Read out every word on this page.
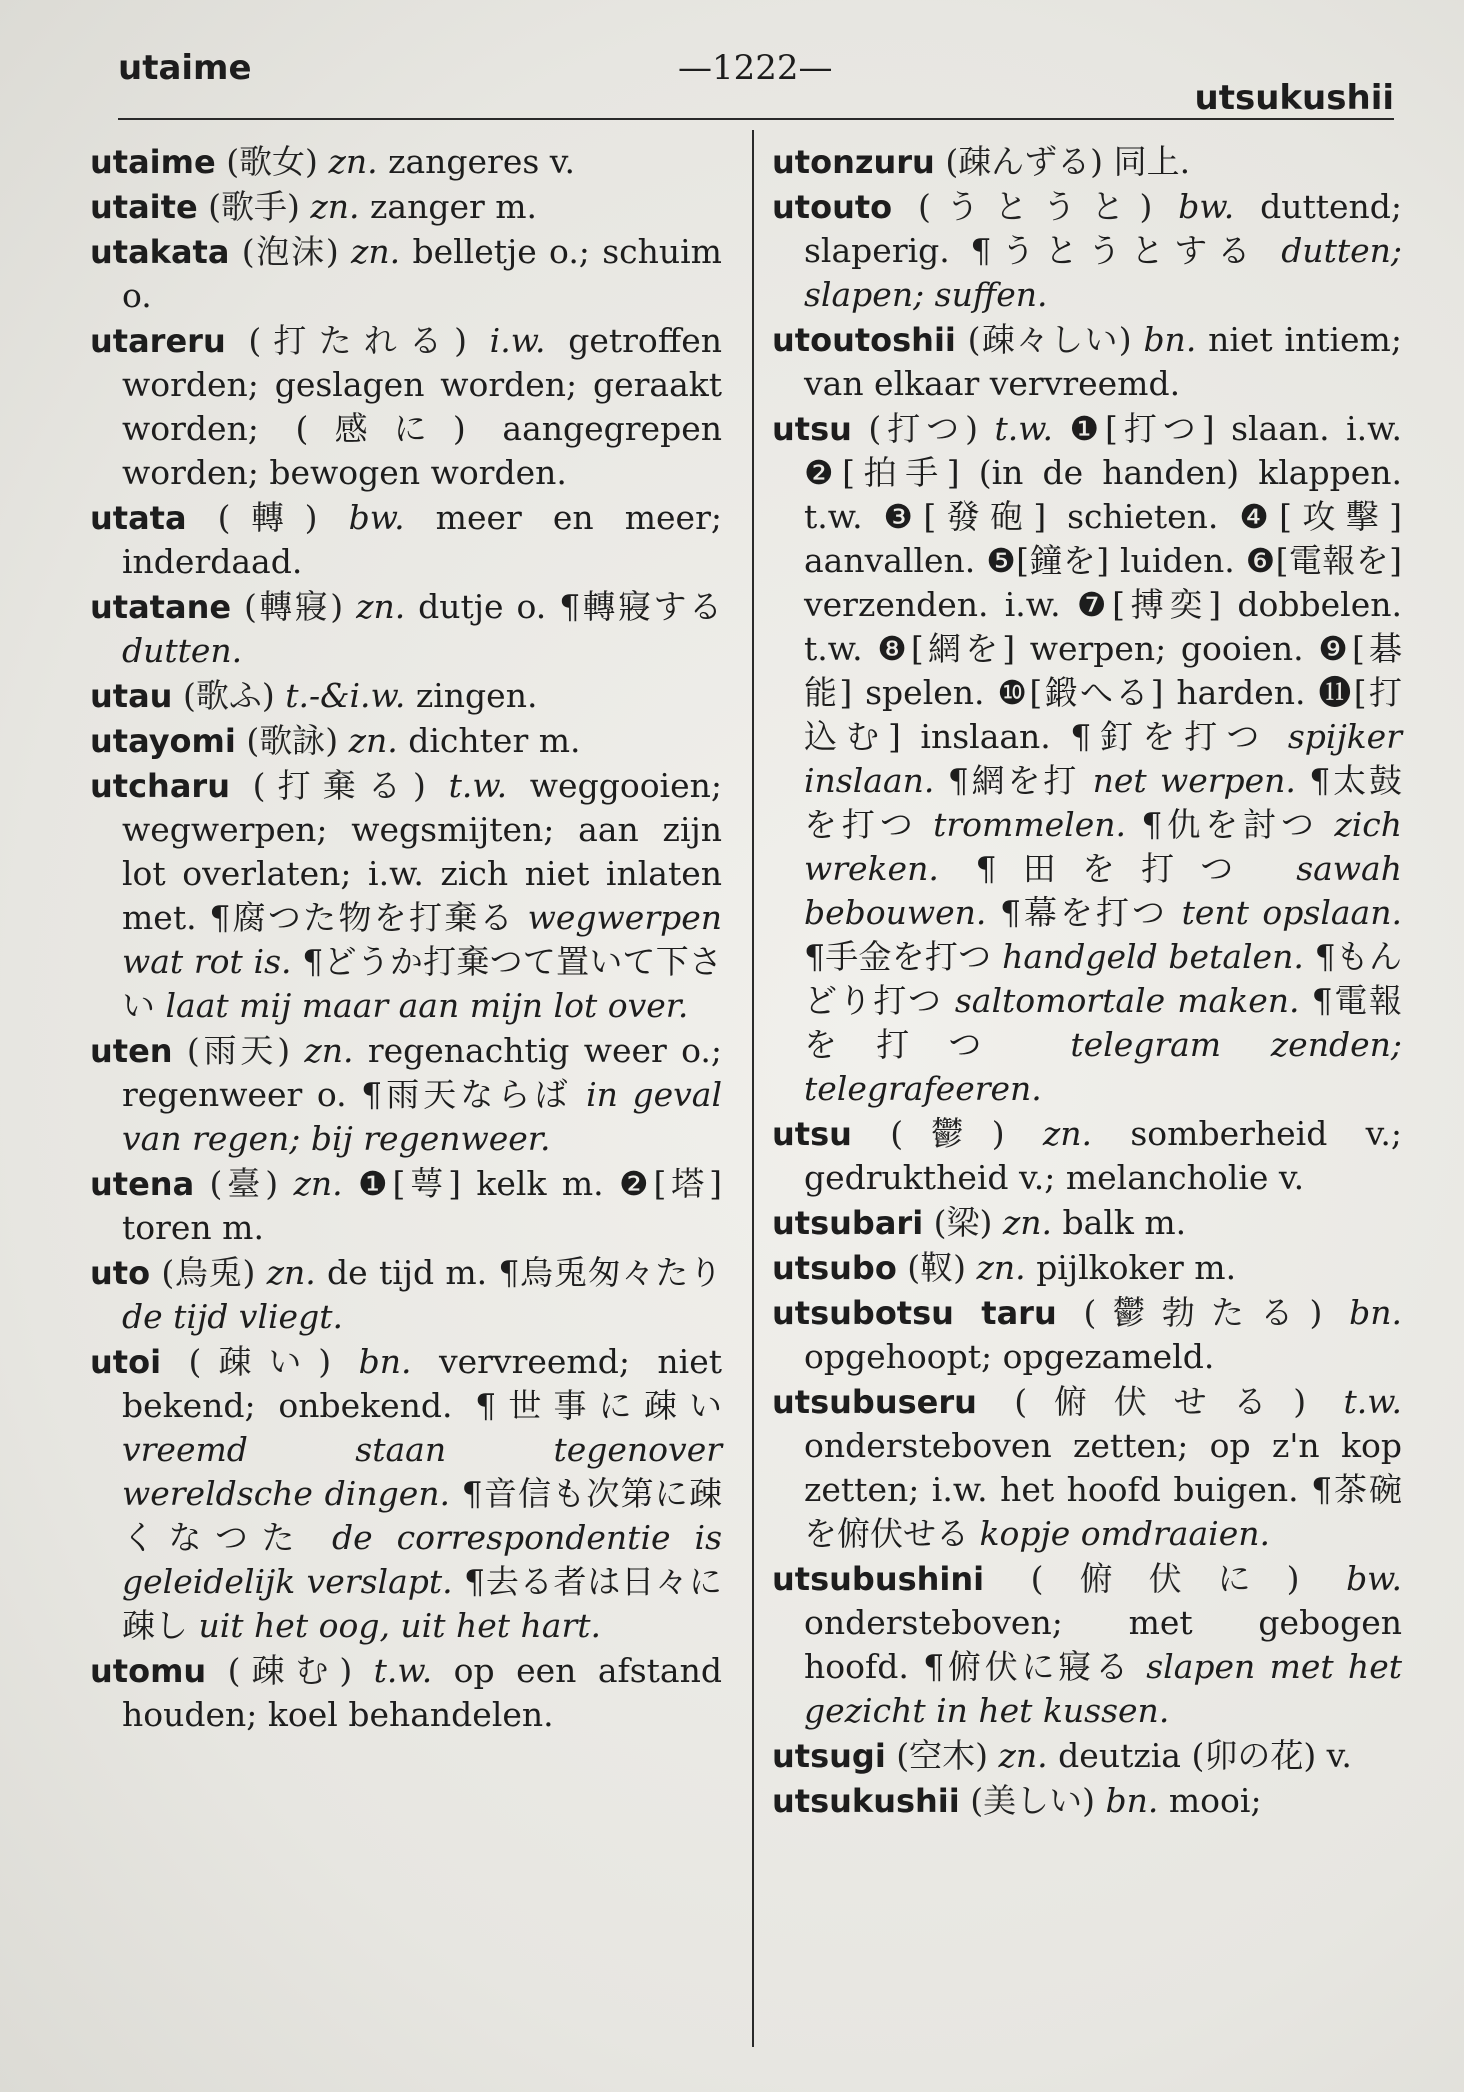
utaime	—1222—
utsukushii

utaime (歌女) zn. zangeres v.

utaite (歌手) zn. zanger m.

utakata (泡沫) zn. belletje o.; schuim o.

utareru (打たれる) i.w. getroffen worden; geslagen worden; geraakt worden; (感に) aangegrepen worden; bewogen worden.

utata (轉) bw. meer en meer; inderdaad.

utatane (轉寢) zn. dutje o. ¶轉寢する dutten.

utau (歌ふ) t.-&i.w. zingen.

utayomi (歌詠) zn. dichter m.

utcharu (打棄る) t.w. weggooien; wegwerpen; wegsmijten; aan zijn lot overlaten; i.w. zich niet inlaten met. ¶腐つた物を打棄る wegwerpen wat rot is. ¶どうか打棄つて置いて下さい laat mij maar aan mijn lot over.

uten (雨天) zn. regenachtig weer o.; regenweer o. ¶雨天ならば in geval van regen; bij regenweer.

utena (臺) zn. ❶[萼] kelk m. ❷[塔] toren m.

uto (烏兎) zn. de tijd m. ¶烏兎匆々たり de tijd vliegt.

utoi (疎い) bn. vervreemd; niet bekend; onbekend. ¶世事に疎い vreemd staan tegenover wereldsche dingen. ¶音信も次第に疎くなつた de correspondentie is geleidelijk verslapt. ¶去る者は日々に疎し uit het oog, uit het hart.

utomu (疎む) t.w. op een afstand houden; koel behandelen.

utonzuru (疎んずる) 同上.

utouto (うとうと) bw. duttend; slaperig. ¶うとうとする dutten; slapen; suffen.

utoutoshii (疎々しい) bn. niet intiem; van elkaar vervreemd.

utsu (打つ) t.w. ❶[打つ] slaan. i.w. ❷[拍手] (in de handen) klappen. t.w. ❸[發砲] schieten. ❹[攻擊] aanvallen. ❺[鐘を] luiden. ❻[電報を] verzenden. i.w. ❼[搏奕] dobbelen. t.w. ❽[網を] werpen; gooien. ❾[碁能] spelen. ❿[鍛へる] harden. ⓫[打込む] inslaan. ¶釘を打つ spijker inslaan. ¶網を打 net werpen. ¶太鼓を打つ trommelen. ¶仇を討つ zich wreken. ¶田を打つ sawah bebouwen. ¶幕を打つ tent opslaan. ¶手金を打つ handgeld betalen. ¶もんどり打つ saltomortale maken. ¶電報を打つ telegram zenden; telegrafeeren.

utsu (鬱) zn. somberheid v.; gedruktheid v.; melancholie v.

utsubari (梁) zn. balk m.

utsubo (靫) zn. pijlkoker m.

utsubotsu taru (鬱勃たる) bn. opgehoopt; opgezameld.

utsubuseru (俯伏せる) t.w. ondersteboven zetten; op z'n kop zetten; i.w. het hoofd buigen. ¶茶碗を俯伏せる kopje omdraaien.

utsubushini (俯伏に) bw. ondersteboven; met gebogen hoofd. ¶俯伏に寢る slapen met het gezicht in het kussen.

utsugi (空木) zn. deutzia (卯の花) v.

utsukushii (美しい) bn. mooi;
